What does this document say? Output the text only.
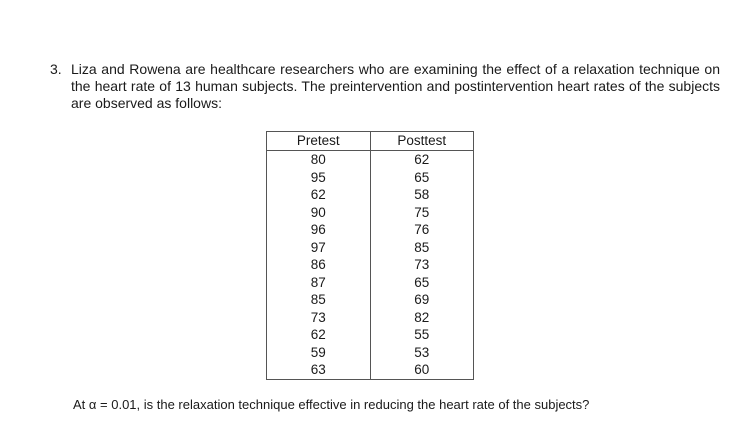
3. Liza and Rowena are healthcare researchers who are examining the effect of a relaxation technique on the heart rate of 13 human subjects. The preintervention and postintervention heart rates of the subjects are observed as follows:
Pretest	Posttest
80	62
95	65
62	58
90	75
96	76
97	85
86	73
87	65
85	69
73	82
62	55
59	53
63	60
At α = 0.01, is the relaxation technique effective in reducing the heart rate of the subjects?
